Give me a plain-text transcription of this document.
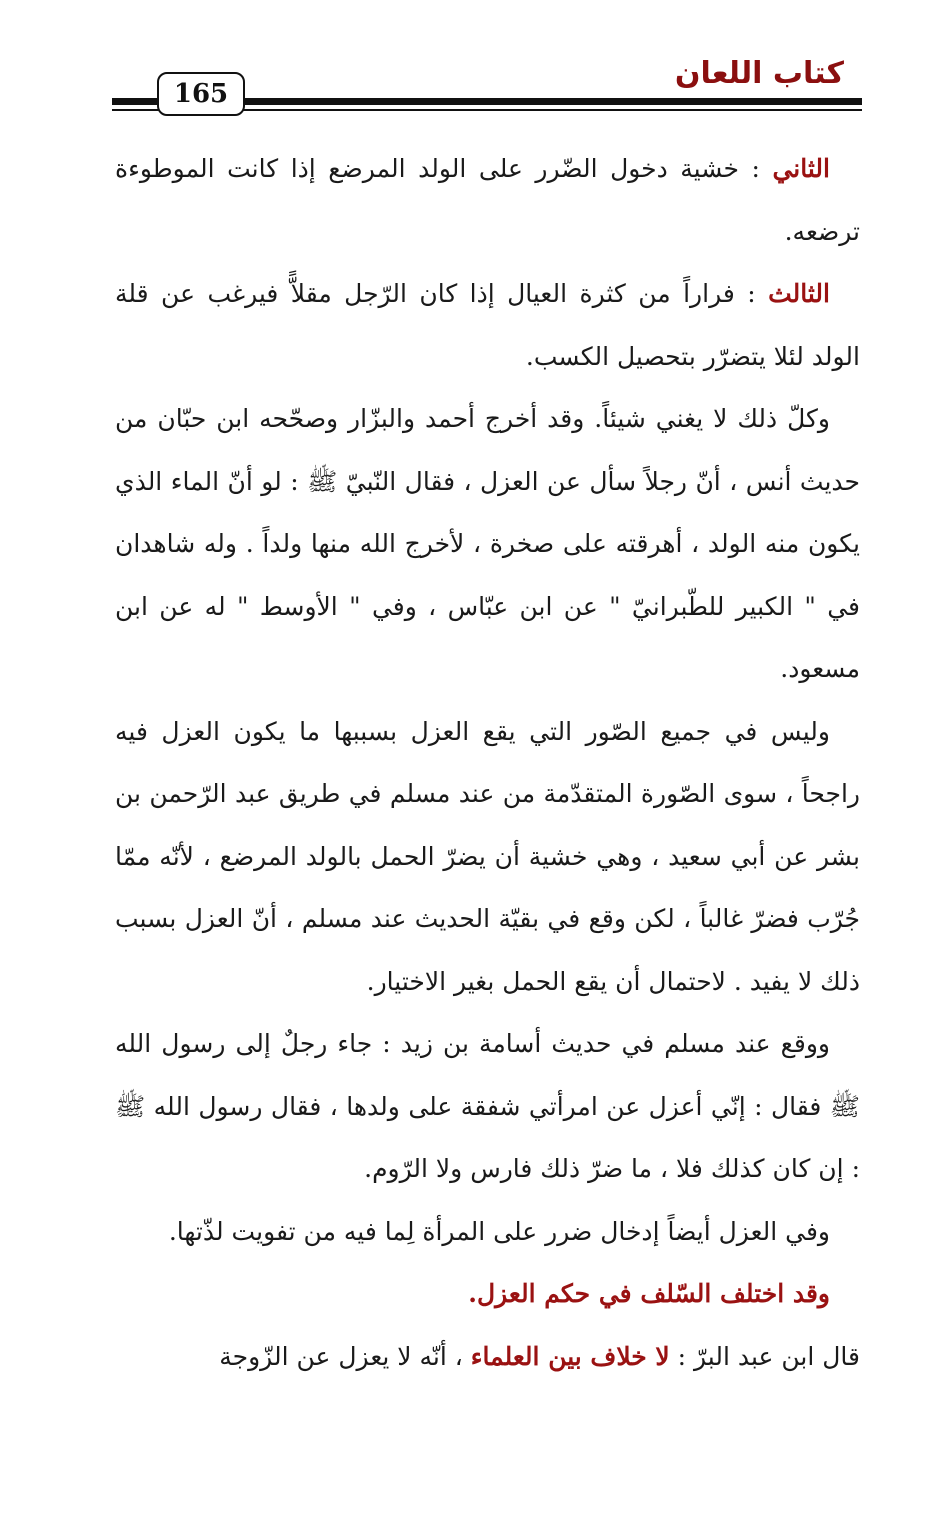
كتاب اللعان
165

الثاني : خشية دخول الضّرر على الولد المرضع إذا كانت الموطوءة ترضعه.

الثالث : فراراً من كثرة العيال إذا كان الرّجل مقلاًّ فيرغب عن قلة الولد لئلا يتضرّر بتحصيل الكسب.

وكلّ ذلك لا يغني شيئاً. وقد أخرج أحمد والبزّار وصحّحه ابن حبّان من حديث أنس ، أنّ رجلاً سأل عن العزل ، فقال النّبيّ ﷺ : لو أنّ الماء الذي يكون منه الولد ، أهرقته على صخرة ، لأخرج الله منها ولداً . وله شاهدان في " الكبير للطّبرانيّ " عن ابن عبّاس ، وفي " الأوسط " له عن ابن مسعود.

وليس في جميع الصّور التي يقع العزل بسببها ما يكون العزل فيه راجحاً ، سوى الصّورة المتقدّمة من عند مسلم في طريق عبد الرّحمن بن بشر عن أبي سعيد ، وهي خشية أن يضرّ الحمل بالولد المرضع ، لأنّه ممّا جُرّب فضرّ غالباً ، لكن وقع في بقيّة الحديث عند مسلم ، أنّ العزل بسبب ذلك لا يفيد . لاحتمال أن يقع الحمل بغير الاختيار.

ووقع عند مسلم في حديث أسامة بن زيد : جاء رجلٌ إلى رسول الله ﷺ فقال : إنّي أعزل عن امرأتي شفقة على ولدها ، فقال رسول الله ﷺ : إن كان كذلك فلا ، ما ضرّ ذلك فارس ولا الرّوم.

وفي العزل أيضاً إدخال ضرر على المرأة لِما فيه من تفويت لذّتها.

وقد اختلف السّلف في حكم العزل.

قال ابن عبد البرّ : لا خلاف بين العلماء ، أنّه لا يعزل عن الزّوجة
